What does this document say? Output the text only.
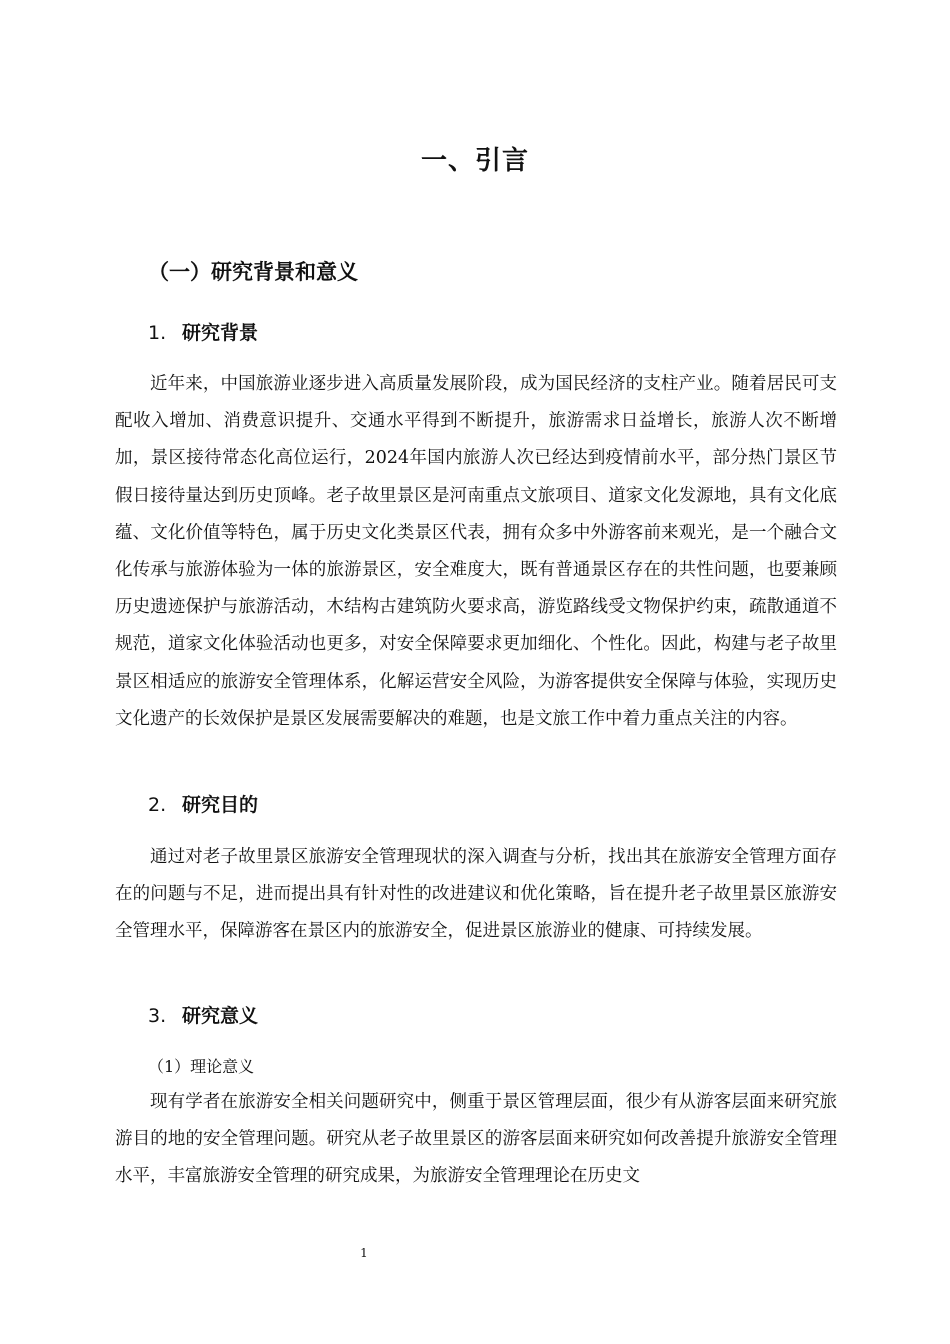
一、引言
（一）研究背景和意义
1. 研究背景

近年来，中国旅游业逐步进入高质量发展阶段，成为国民经济的支柱产业。随着居民可支配收入增加、消费意识提升、交通水平得到不断提升，旅游需求日益增长，旅游人次不断增加，景区接待常态化高位运行，2024年国内旅游人次已经达到疫情前水平，部分热门景区节假日接待量达到历史顶峰。老子故里景区是河南重点文旅项目、道家文化发源地，具有文化底蕴、文化价值等特色，属于历史文化类景区代表，拥有众多中外游客前来观光，是一个融合文化传承与旅游体验为一体的旅游景区，安全难度大，既有普通景区存在的共性问题，也要兼顾历史遗迹保护与旅游活动，木结构古建筑防火要求高，游览路线受文物保护约束，疏散通道不规范，道家文化体验活动也更多，对安全保障要求更加细化、个性化。因此，构建与老子故里景区相适应的旅游安全管理体系，化解运营安全风险，为游客提供安全保障与体验，实现历史文化遗产的长效保护是景区发展需要解决的难题，也是文旅工作中着力重点关注的内容。

2. 研究目的

通过对老子故里景区旅游安全管理现状的深入调查与分析，找出其在旅游安全管理方面存在的问题与不足，进而提出具有针对性的改进建议和优化策略，旨在提升老子故里景区旅游安全管理水平，保障游客在景区内的旅游安全，促进景区旅游业的健康、可持续发展。

3. 研究意义
（1）理论意义

现有学者在旅游安全相关问题研究中，侧重于景区管理层面，很少有从游客层面来研究旅游目的地的安全管理问题。研究从老子故里景区的游客层面来研究如何改善提升旅游安全管理水平，丰富旅游安全管理的研究成果，为旅游安全管理理论在历史文

1
